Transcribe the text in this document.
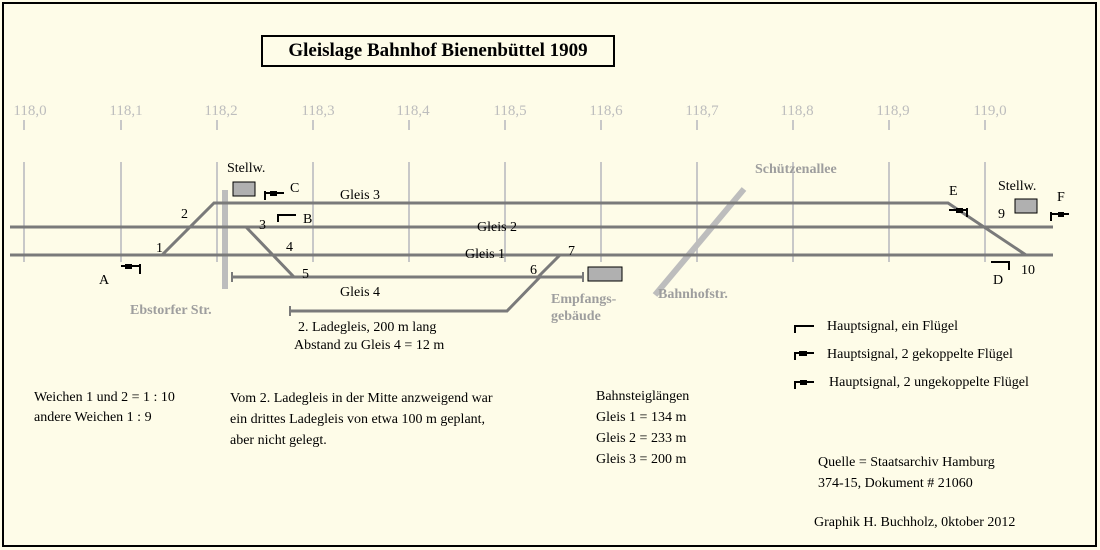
118,0	118,1	118,2	118,3	118,4	118,5	118,6	118,7	118,8	118,9	119,0
Gleis 3
Gleis 2
Gleis 1
Gleis 4
1
2
3
4
5	6
7
9
10
A
C
B
E	F
D
Stellw.
Stellw.
Empfangs-
gebäude
Ebstorfer Str.
Bahnhofstr.
Schützenallee
Gleislage Bahnhof Bienenbüttel 1909
2. Ladegleis, 200 m lang
Abstand zu Gleis 4 = 12 m
Hauptsignal, ein Flügel
Hauptsignal, 2 gekoppelte Flügel
Hauptsignal, 2 ungekoppelte Flügel
Weichen 1 und 2 = 1 : 10
andere Weichen 1 : 9
Vom 2. Ladegleis in der Mitte anzweigend war
ein drittes Ladegleis von etwa 100 m geplant,
aber nicht gelegt.
Bahnsteiglängen
Gleis 1 = 134 m
Gleis 2 = 233 m
Gleis 3 = 200 m	Quelle = Staatsarchiv Hamburg
374-15, Dokument # 21060
Graphik H. Buchholz, 0ktober 2012
